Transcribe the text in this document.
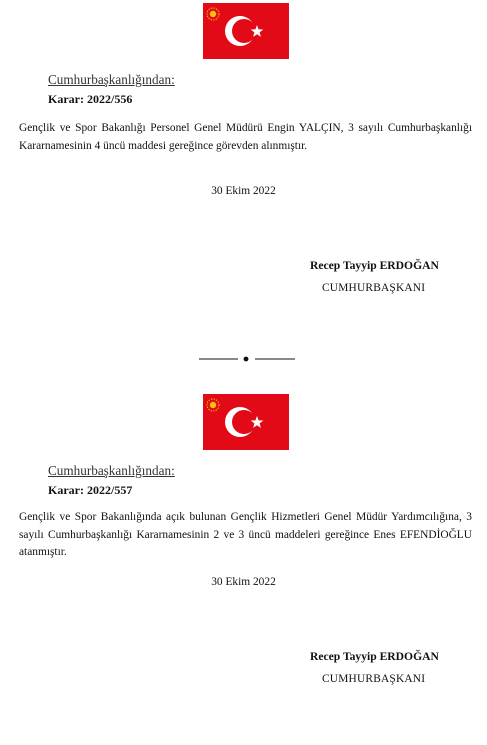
Cumhurbaşkanlığından:
Karar: 2022/556
Gençlik ve Spor Bakanlığı Personel Genel Müdürü Engin YALÇIN, 3 sayılı Cumhurbaşkanlığı Kararnamesinin 4 üncü maddesi gereğince görevden alınmıştır.
30 Ekim 2022
Recep Tayyip ERDOĞAN
CUMHURBAŞKANI
Cumhurbaşkanlığından:
Karar: 2022/557
Gençlik ve Spor Bakanlığında açık bulunan Gençlik Hizmetleri Genel Müdür Yardımcılığına, 3 sayılı Cumhurbaşkanlığı Kararnamesinin 2 ve 3 üncü maddeleri gereğince Enes EFENDİOĞLU atanmıştır.
30 Ekim 2022
Recep Tayyip ERDOĞAN
CUMHURBAŞKANI
